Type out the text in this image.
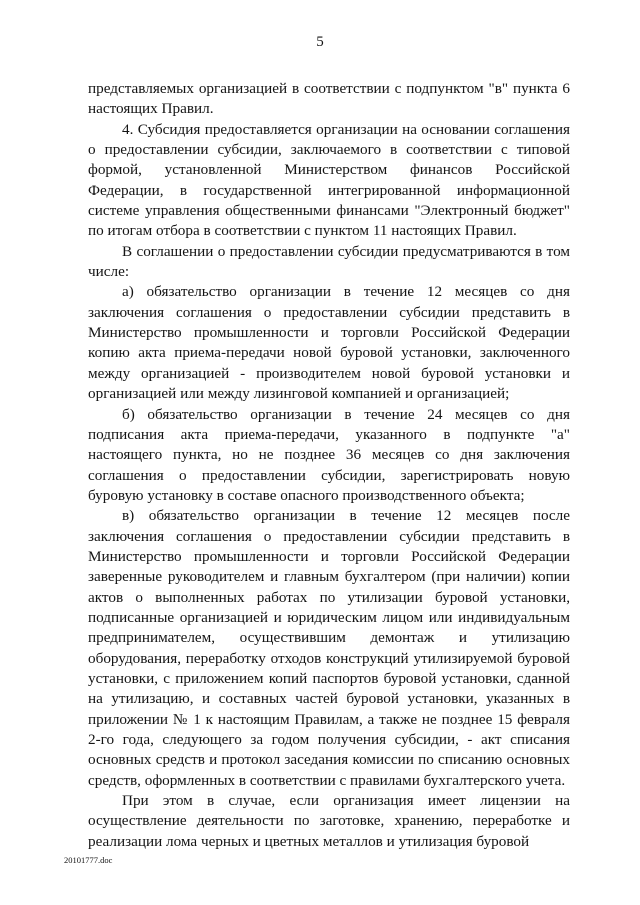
5

представляемых организацией в соответствии с подпунктом "в" пункта 6 настоящих Правил.

4. Субсидия предоставляется организации на основании соглашения о предоставлении субсидии, заключаемого в соответствии с типовой формой, установленной Министерством финансов Российской Федерации, в государственной интегрированной информационной системе управления общественными финансами "Электронный бюджет" по итогам отбора в соответствии с пунктом 11 настоящих Правил.

В соглашении о предоставлении субсидии предусматриваются в том числе:

а) обязательство организации в течение 12 месяцев со дня заключения соглашения о предоставлении субсидии представить в Министерство промышленности и торговли Российской Федерации копию акта приема-передачи новой буровой установки, заключенного между организацией - производителем новой буровой установки и организацией или между лизинговой компанией и организацией;

б) обязательство организации в течение 24 месяцев со дня подписания акта приема-передачи, указанного в подпункте "а" настоящего пункта, но не позднее 36 месяцев со дня заключения соглашения о предоставлении субсидии, зарегистрировать новую буровую установку в составе опасного производственного объекта;

в) обязательство организации в течение 12 месяцев после заключения соглашения о предоставлении субсидии представить в Министерство промышленности и торговли Российской Федерации заверенные руководителем и главным бухгалтером (при наличии) копии актов о выполненных работах по утилизации буровой установки, подписанные организацией и юридическим лицом или индивидуальным предпринимателем, осуществившим демонтаж и утилизацию оборудования, переработку отходов конструкций утилизируемой буровой установки, с приложением копий паспортов буровой установки, сданной на утилизацию, и составных частей буровой установки, указанных в приложении № 1 к настоящим Правилам, а также не позднее 15 февраля 2-го года, следующего за годом получения субсидии, - акт списания основных средств и протокол заседания комиссии по списанию основных средств, оформленных в соответствии с правилами бухгалтерского учета.

При этом в случае, если организация имеет лицензии на осуществление деятельности по заготовке, хранению, переработке и реализации лома черных и цветных металлов и утилизация буровой

20101777.doc
